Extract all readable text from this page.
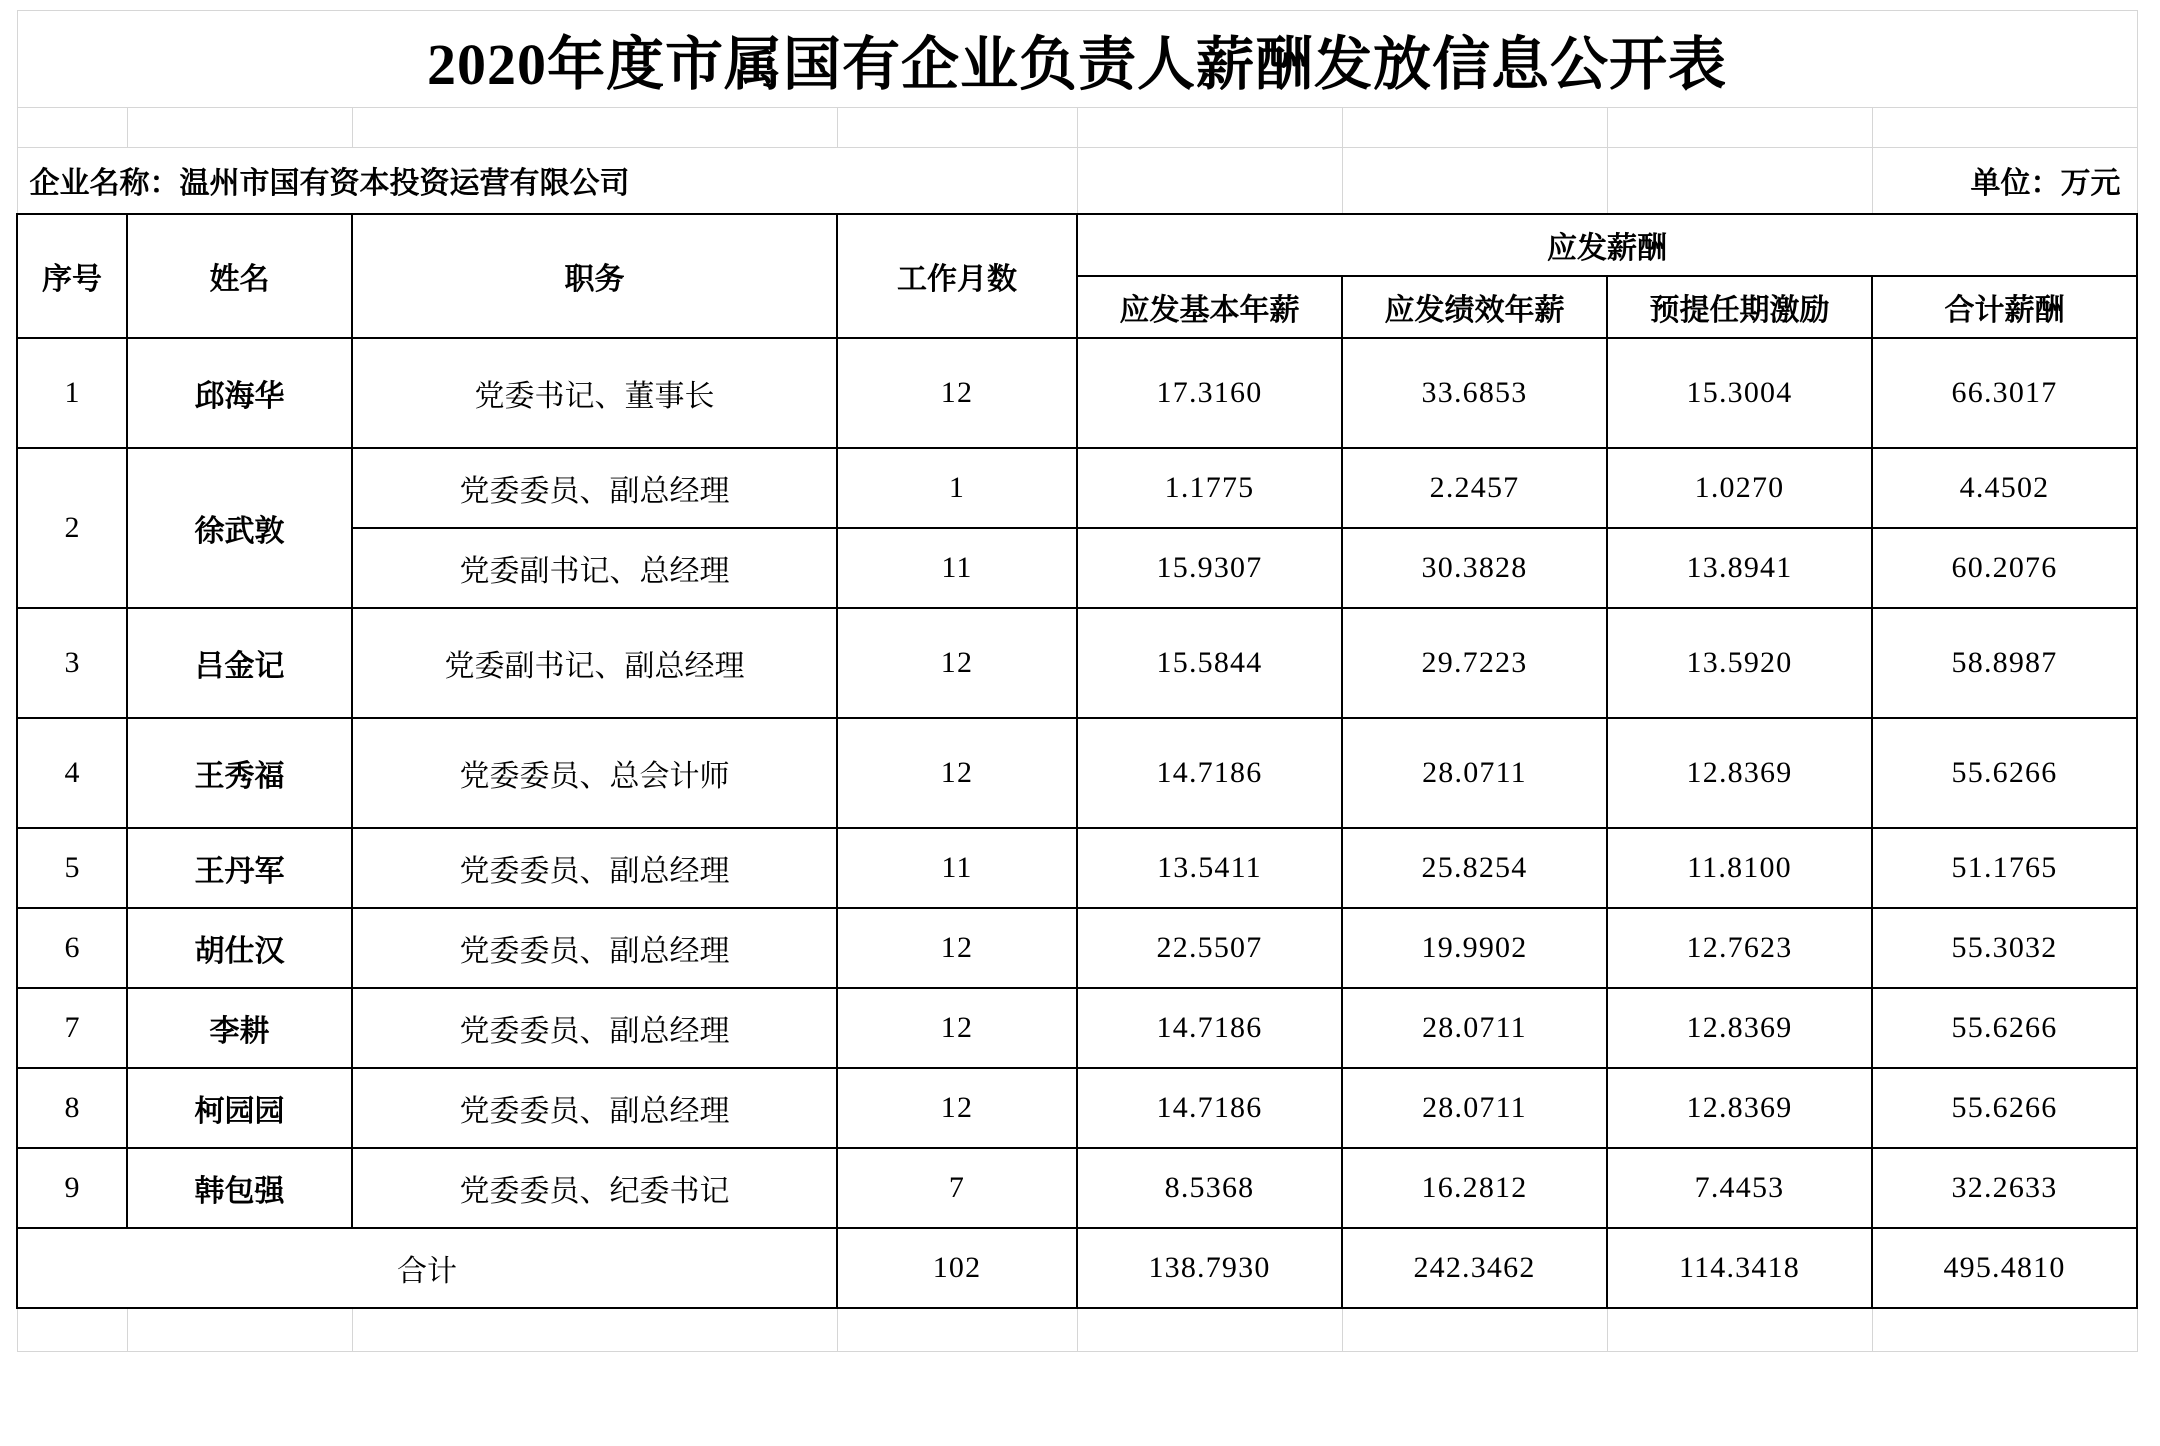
2020年度市属国有企业负责人薪酬发放信息公开表							

企业名称：温州市国有资本投资运营有限公司							单位：万元
序号	姓名	职务	工作月数	应发薪酬			
				应发基本年薪	应发绩效年薪	预提任期激励	合计薪酬
1	邱海华	党委书记、董事长	12	17.3160	33.6853	15.3004	66.3017
2	徐武敦	党委委员、副总经理	1	1.1775	2.2457	1.0270	4.4502
		党委副书记、总经理	11	15.9307	30.3828	13.8941	60.2076
3	吕金记	党委副书记、副总经理	12	15.5844	29.7223	13.5920	58.8987
4	王秀福	党委委员、总会计师	12	14.7186	28.0711	12.8369	55.6266
5	王丹军	党委委员、副总经理	11	13.5411	25.8254	11.8100	51.1765
6	胡仕汉	党委委员、副总经理	12	22.5507	19.9902	12.7623	55.3032
7	李耕	党委委员、副总经理	12	14.7186	28.0711	12.8369	55.6266
8	柯园园	党委委员、副总经理	12	14.7186	28.0711	12.8369	55.6266
9	韩包强	党委委员、纪委书记	7	8.5368	16.2812	7.4453	32.2633
合计			102	138.7930	242.3462	114.3418	495.4810
